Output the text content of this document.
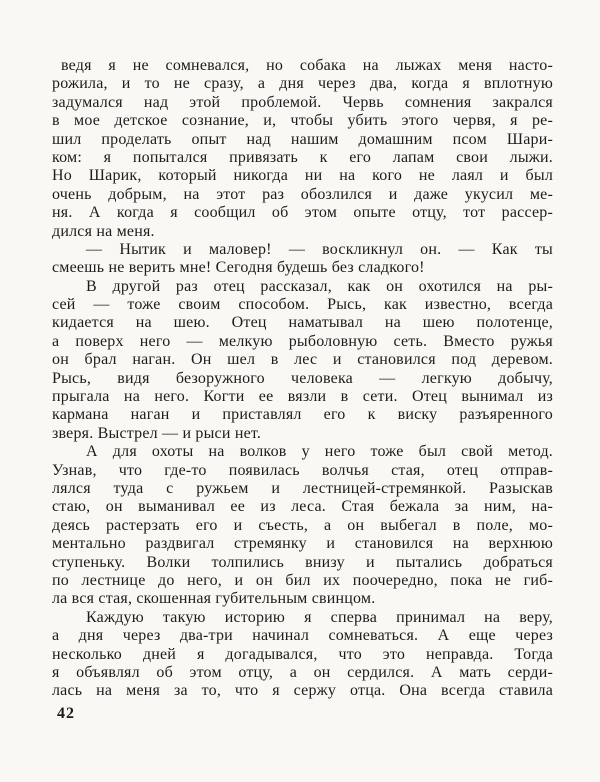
ведя я не сомневался, но собака на лыжах меня насто-
рожила, и то не сразу, а дня через два, когда я вплотную
задумался над этой проблемой. Червь сомнения закрался
в мое детское сознание, и, чтобы убить этого червя, я ре-
шил проделать опыт над нашим домашним псом Шари-
ком: я попытался привязать к его лапам свои лыжи.
Но Шарик, который никогда ни на кого не лаял и был
очень добрым, на этот раз обозлился и даже укусил ме-
ня. А когда я сообщил об этом опыте отцу, тот рассер-
дился на меня.
— Нытик и маловер! — воскликнул он. — Как ты
смеешь не верить мне! Сегодня будешь без сладкого!
В другой раз отец рассказал, как он охотился на ры-
сей — тоже своим способом. Рысь, как известно, всегда
кидается на шею. Отец наматывал на шею полотенце,
а поверх него — мелкую рыболовную сеть. Вместо ружья
он брал наган. Он шел в лес и становился под деревом.
Рысь, видя безоружного человека — легкую добычу,
прыгала на него. Когти ее вязли в сети. Отец вынимал из
кармана наган и приставлял его к виску разъяренного
зверя. Выстрел — и рыси нет.
А для охоты на волков у него тоже был свой метод.
Узнав, что где-то появилась волчья стая, отец отправ-
лялся туда с ружьем и лестницей-стремянкой. Разыскав
стаю, он выманивал ее из леса. Стая бежала за ним, на-
деясь растерзать его и съесть, а он выбегал в поле, мо-
ментально раздвигал стремянку и становился на верхнюю
ступеньку. Волки толпились внизу и пытались добраться
по лестнице до него, и он бил их поочередно, пока не гиб-
ла вся стая, скошенная губительным свинцом.
Каждую такую историю я сперва принимал на веру,
а дня через два-три начинал сомневаться. А еще через
несколько дней я догадывался, что это неправда. Тогда
я объявлял об этом отцу, а он сердился. А мать серди-
лась на меня за то, что я сержу отца. Она всегда ставила
42
